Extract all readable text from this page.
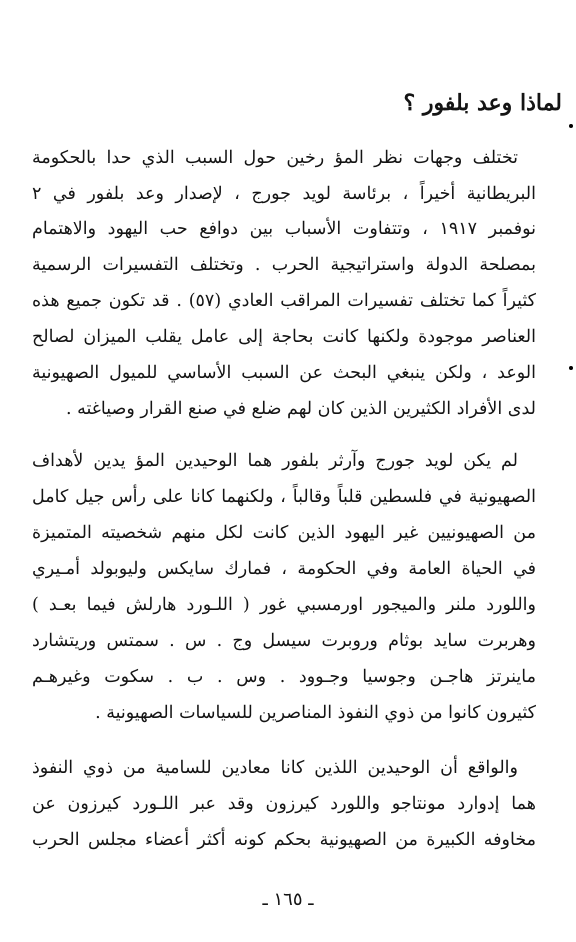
لماذا وعد بلفور ؟
تختلف وجهات نظر المؤ رخين حول السبب الذي حدا بالحكومة
البريطانية أخيراً ، برئاسة لويد جورج ، لإصدار وعد بلفور في ٢
نوفمبر ١٩١٧ ، وتتفاوت الأسباب بين دوافع حب اليهود والاهتمام
بمصلحة الدولة واستراتيجية الحرب . وتختلف التفسيرات الرسمية
كثيراً كما تختلف تفسيرات المراقب العادي (٥٧) . قد تكون جميع هذه
العناصر موجودة ولكنها كانت بحاجة إلى عامل يقلب الميزان لصالح
الوعد ، ولكن ينبغي البحث عن السبب الأساسي للميول الصهيونية
لدى الأفراد الكثيرين الذين كان لهم ضلع في صنع القرار وصياغته .
لم يكن لويد جورج وآرثر بلفور هما الوحيدين المؤ يدين لأهداف
الصهيونية في فلسطين قلباً وقالباً ، ولكنهما كانا على رأس جيل كامل
من الصهيونيين غير اليهود الذين كانت لكل منهم شخصيته المتميزة
في الحياة العامة وفي الحكومة ، فمارك سايكس وليوبولد أمـيري
واللورد ملنر والميجور اورمسبي غور ( اللـورد هارلش فيما بعـد )
وهربرت سايد بوثام وروبرت سيسل وج . س . سمتس وريتشارد
ماينرتز هاجـن وجوسيا وجـوود . وس . ب . سكوت وغيرهـم
كثيرون كانوا من ذوي النفوذ المناصرين للسياسات الصهيونية .
والواقع أن الوحيدين اللذين كانا معادين للسامية من ذوي النفوذ
هما إدوارد مونتاجو واللورد كيرزون وقد عبر اللـورد كيرزون عن
مخاوفه الكبيرة من الصهيونية بحكم كونه أكثر أعضاء مجلس الحرب
ـ ١٦٥ ـ
